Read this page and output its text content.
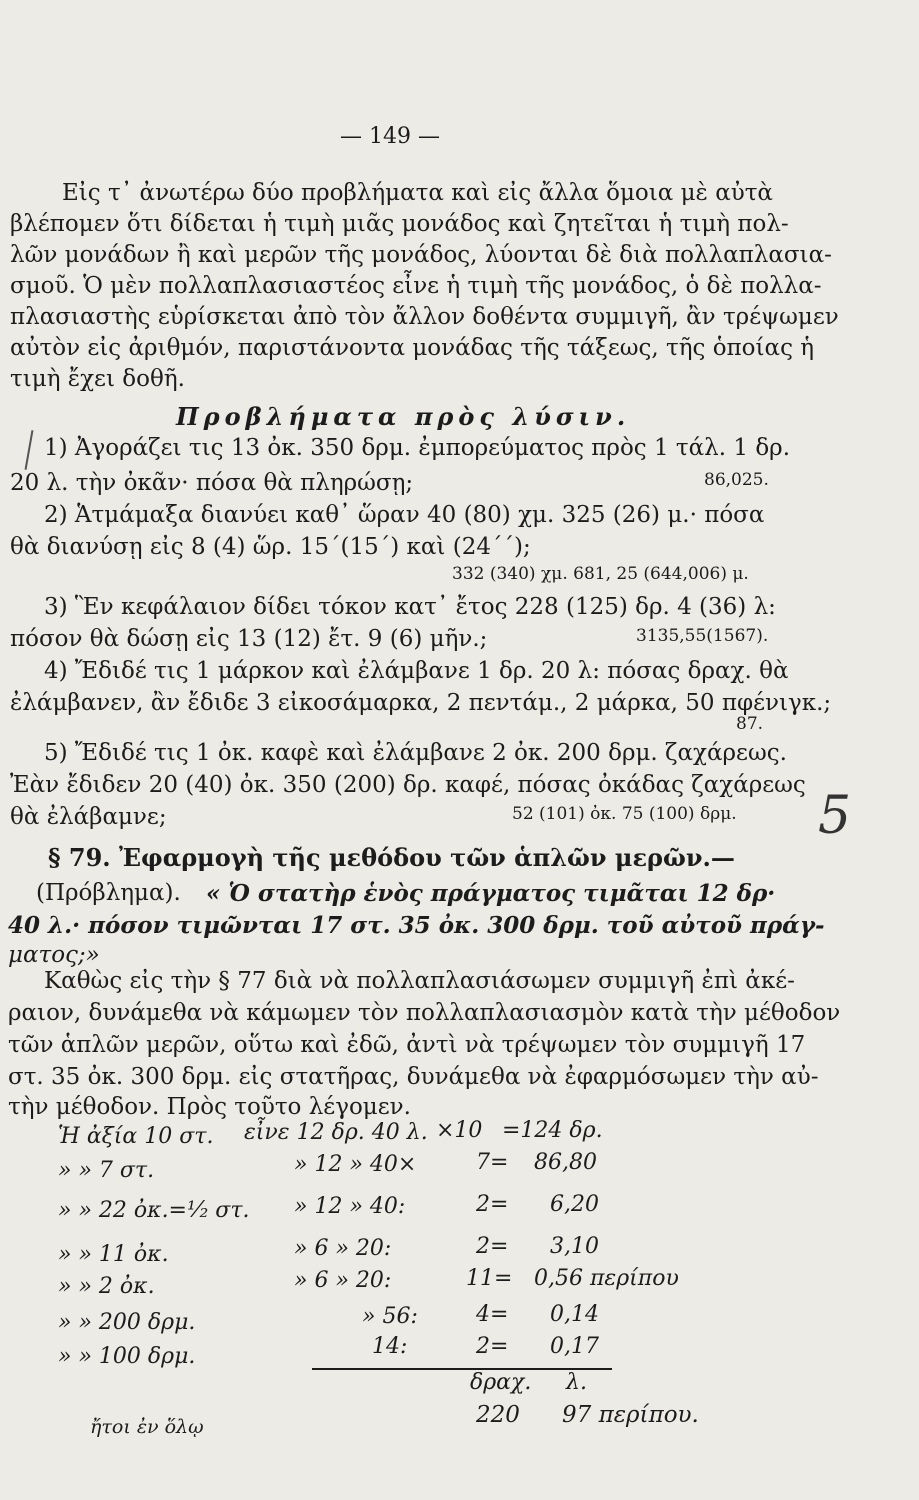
— 149 —
Εἰς τ᾿ ἀνωτέρω δύο προβλήματα καὶ εἰς ἄλλα ὅμοια μὲ αὐτὰ
βλέπομεν ὅτι δίδεται ἡ τιμὴ μιᾶς μονάδος καὶ ζητεῖται ἡ τιμὴ πολ-
λῶν μονάδων ἢ καὶ μερῶν τῆς μονάδος, λύονται δὲ διὰ πολλαπλασια-
σμοῦ. Ὁ μὲν πολλαπλασιαστέος εἶνε ἡ τιμὴ τῆς μονάδος, ὁ δὲ πολλα-
πλασιαστὴς εὑρίσκεται ἀπὸ τὸν ἄλλον δοθέντα συμμιγῆ, ἂν τρέψωμεν
αὐτὸν εἰς ἀριθμόν, παριστάνοντα μονάδας τῆς τάξεως, τῆς ὁποίας ἡ
τιμὴ ἔχει δοθῆ.
Προβλήματα πρὸς λύσιν.
1) Ἀγοράζει τις 13 ὀκ. 350 δρμ. ἐμπορεύματος πρὸς 1 τάλ. 1 δρ.
20 λ. τὴν ὀκᾶν· πόσα θὰ πληρώσῃ;	86,025.
2) Ἁτμάμαξα διανύει καθ᾿ ὥραν 40 (80) χμ. 325 (26) μ.· πόσα
θὰ διανύσῃ εἰς 8 (4) ὥρ. 15΄(15΄) καὶ (24΄΄);
332 (340) χμ. 681, 25 (644,006) μ.
3) Ἓν κεφάλαιον δίδει τόκον κατ᾿ ἔτος 228 (125) δρ. 4 (36) λ:
πόσον θὰ δώσῃ εἰς 13 (12) ἔτ. 9 (6) μῆν.;	3135,55(1567).
4) Ἔδιδέ τις 1 μάρκον καὶ ἐλάμβανε 1 δρ. 20 λ: πόσας δραχ. θὰ
ἐλάμβανεν, ἂν ἔδιδε 3 εἰκοσάμαρκα, 2 πεντάμ., 2 μάρκα, 50 πφένιγκ.;
87.
5) Ἔδιδέ τις 1 ὀκ. καφὲ καὶ ἐλάμβανε 2 ὀκ. 200 δρμ. ζαχάρεως.
Ἐὰν ἔδιδεν 20 (40) ὀκ. 350 (200) δρ. καφέ, πόσας ὀκάδας ζαχάρεως
θὰ ἐλάβαμνε;	52 (101) ὀκ. 75 (100) δρμ.
§ 79. Ἐφαρμογὴ τῆς μεθόδου τῶν ἁπλῶν μερῶν.—
(Πρόβλημα). « Ὁ στατὴρ ἑνὸς πράγματος τιμᾶται 12 δρ·
40 λ.· πόσον τιμῶνται 17 στ. 35 ὀκ. 300 δρμ. τοῦ αὐτοῦ πράγ-
ματος;»
Καθὼς εἰς τὴν § 77 διὰ νὰ πολλαπλασιάσωμεν συμμιγῆ ἐπὶ ἀκέ-
ραιον, δυνάμεθα νὰ κάμωμεν τὸν πολλαπλασιασμὸν κατὰ τὴν μέθοδον
τῶν ἁπλῶν μερῶν, οὕτω καὶ ἐδῶ, ἀντὶ νὰ τρέψωμεν τὸν συμμιγῆ 17
στ. 35 ὀκ. 300 δρμ. εἰς στατῆρας, δυνάμεθα νὰ ἐφαρμόσωμεν τὴν αὐ-
τὴν μέθοδον. Πρὸς τοῦτο λέγομεν.
Ἡ ἀξία 10 στ. εἶνε 12 δρ. 40 λ. ×10 =124 δρ.
» » 7 στ.	» 12 » 40×	7= 86,80
» » 22 ὀκ.=¹⁄₂ στ. » 12 » 40:	2= 6,20
» » 11 ὀκ.	» 6 » 20:	2= 3,10
» » 2 ὀκ.	» 6 » 20:	11= 0,56 περίπου
» » 200 δρμ.	» 56:	4= 0,14
» » 100 δρμ.	14:	2= 0,17
δραχ. λ.
220 97 περίπου.
ἤτοι ἐν ὅλῳ
5
